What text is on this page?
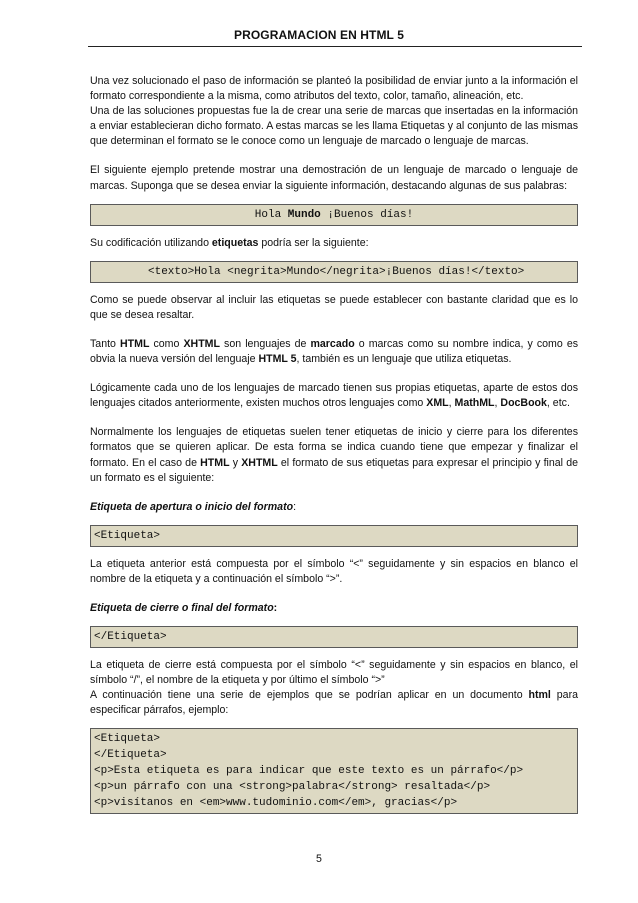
PROGRAMACION EN HTML 5

Una vez solucionado el paso de información se planteó la posibilidad de enviar junto a la información el formato correspondiente a la misma, como atributos del texto, color, tamaño, alineación, etc.

Una de las soluciones propuestas fue la de crear una serie de marcas que insertadas en la información a enviar establecieran dicho formato. A estas marcas se les llama Etiquetas y al conjunto de las mismas que determinan el formato se le conoce como un lenguaje de marcado o lenguaje de marcas.

El siguiente ejemplo pretende mostrar una demostración de un lenguaje de marcado o lenguaje de marcas. Suponga que se desea enviar la siguiente información, destacando algunas de sus palabras:

Hola Mundo ¡Buenos días!

Su codificación utilizando etiquetas podría ser la siguiente:

<texto>Hola <negrita>Mundo</negrita>¡Buenos días!</texto>

Como se puede observar al incluir las etiquetas se puede establecer con bastante claridad que es lo que se desea resaltar.

Tanto HTML como XHTML son lenguajes de marcado o marcas como su nombre indica, y como es obvia la nueva versión del lenguaje HTML 5, también es un lenguaje que utiliza etiquetas.

Lógicamente cada uno de los lenguajes de marcado tienen sus propias etiquetas, aparte de estos dos lenguajes citados anteriormente, existen muchos otros lenguajes como XML, MathML, DocBook, etc.

Normalmente los lenguajes de etiquetas suelen tener etiquetas de inicio y cierre para los diferentes formatos que se quieren aplicar. De esta forma se indica cuando tiene que empezar y finalizar el formato. En el caso de HTML y XHTML el formato de sus etiquetas para expresar el principio y final de un formato es el siguiente:

Etiqueta de apertura o inicio del formato:

<Etiqueta>

La etiqueta anterior está compuesta por el símbolo “<” seguidamente y sin espacios en blanco el nombre de la etiqueta y a continuación el símbolo “>”.

Etiqueta de cierre o final del formato:

</Etiqueta>

La etiqueta de cierre está compuesta por el símbolo “<” seguidamente y sin espacios en blanco, el símbolo “/”, el nombre de la etiqueta y por último el símbolo “>”

A continuación tiene una serie de ejemplos que se podrían aplicar en un documento html para especificar párrafos, ejemplo:

<Etiqueta>
</Etiqueta>
<p>Esta etiqueta es para indicar que este texto es un párrafo</p>
<p>un párrafo con una <strong>palabra</strong> resaltada</p>
<p>visítanos en <em>www.tudominio.com</em>, gracias</p>
5
